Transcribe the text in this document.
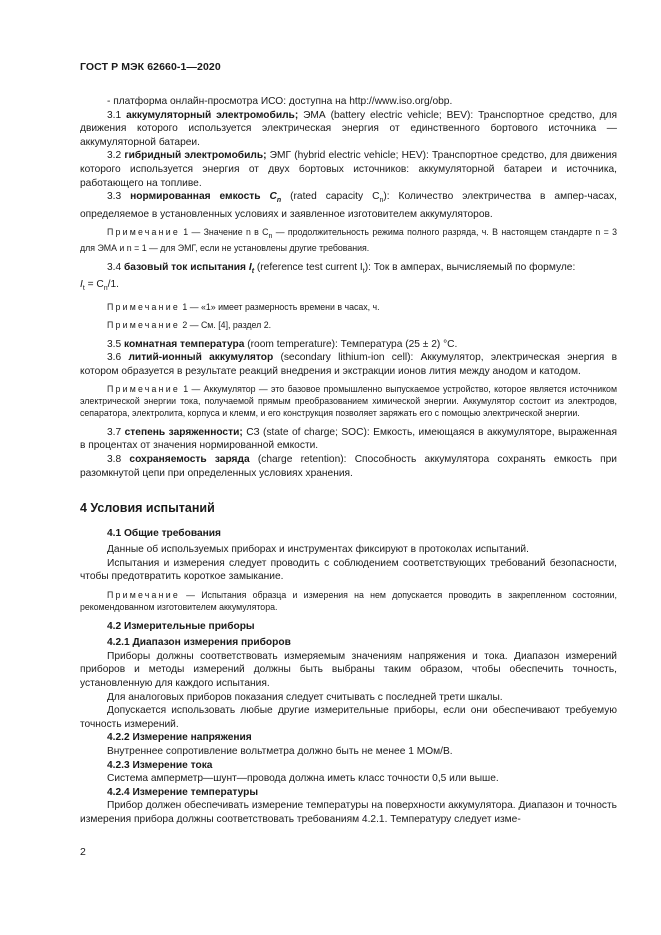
ГОСТ Р МЭК 62660-1—2020

- платформа онлайн-просмотра ИСО: доступна на http://www.iso.org/obp.

3.1 аккумуляторный электромобиль; ЭМА (battery electric vehicle; BEV): Транспортное средство, для движения которого используется электрическая энергия от единственного бортового источника — аккумуляторной батареи.

3.2 гибридный электромобиль; ЭМГ (hybrid electric vehicle; HEV): Транспортное средство, для движения которого используется энергия от двух бортовых источников: аккумуляторной батареи и источника, работающего на топливе.

3.3 нормированная емкость $C_n$ (rated capacity $C_n$): Количество электричества в ампер-часах, определяемое в установленных условиях и заявленное изготовителем аккумуляторов.

Примечание 1 — Значение n в $C_n$ — продолжительность режима полного разряда, ч. В настоящем стандарте n = 3 для ЭМА и n = 1 — для ЭМГ, если не установлены другие требования.

3.4 базовый ток испытания $I_t$ (reference test current $I_t$): Ток в амперах, вычисляемый по формуле:

$I_t = C_n/1$.

Примечание 1 — «1» имеет размерность времени в часах, ч.

Примечание 2 — См. [4], раздел 2.

3.5 комнатная температура (room temperature): Температура (25 ± 2) °C.

3.6 литий-ионный аккумулятор (secondary lithium-ion cell): Аккумулятор, электрическая энергия в котором образуется в результате реакций внедрения и экстракции ионов лития между анодом и катодом.

Примечание 1 — Аккумулятор — это базовое промышленно выпускаемое устройство, которое является источником электрической энергии тока, получаемой прямым преобразованием химической энергии. Аккумулятор состоит из электродов, сепаратора, электролита, корпуса и клемм, и его конструкция позволяет заряжать его с помощью электрической энергии.

3.7 степень заряженности; СЗ (state of charge; SOC): Емкость, имеющаяся в аккумуляторе, выраженная в процентах от значения нормированной емкости.

3.8 сохраняемость заряда (charge retention): Способность аккумулятора сохранять емкость при разомкнутой цепи при определенных условиях хранения.

4 Условия испытаний

4.1 Общие требования

Данные об используемых приборах и инструментах фиксируют в протоколах испытаний.

Испытания и измерения следует проводить с соблюдением соответствующих требований безопасности, чтобы предотвратить короткое замыкание.

Примечание — Испытания образца и измерения на нем допускается проводить в закрепленном состоянии, рекомендованном изготовителем аккумулятора.

4.2 Измерительные приборы

4.2.1 Диапазон измерения приборов

Приборы должны соответствовать измеряемым значениям напряжения и тока. Диапазон измерений приборов и методы измерений должны быть выбраны таким образом, чтобы обеспечить точность, установленную для каждого испытания.

Для аналоговых приборов показания следует считывать с последней трети шкалы.

Допускается использовать любые другие измерительные приборы, если они обеспечивают требуемую точность измерений.

4.2.2 Измерение напряжения

Внутреннее сопротивление вольтметра должно быть не менее 1 МОм/В.

4.2.3 Измерение тока

Система амперметр—шунт—провода должна иметь класс точности 0,5 или выше.

4.2.4 Измерение температуры

Прибор должен обеспечивать измерение температуры на поверхности аккумулятора. Диапазон и точность измерения прибора должны соответствовать требованиям 4.2.1. Температуру следует изме-

2
